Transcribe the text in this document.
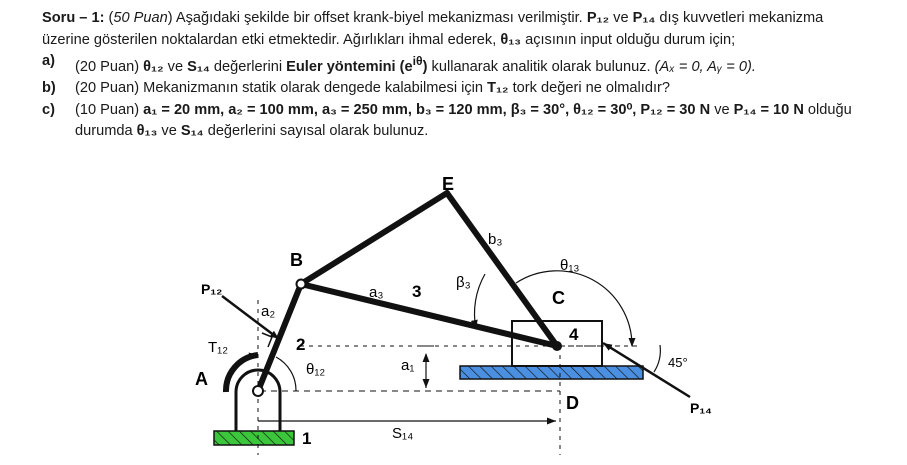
Soru – 1: (50 Puan) Aşağıdaki şekilde bir offset krank-biyel mekanizması verilmiştir. P₁₂ ve P₁₄ dış kuvvetleri mekanizma üzerine gösterilen noktalardan etki etmektedir. Ağırlıkları ihmal ederek, θ₁₃ açısının input olduğu durum için;

a) (20 Puan) θ₁₂ ve S₁₄ değerlerini Euler yöntemini $(e^{i\theta})$ kullanarak analitik olarak bulunuz. (Aₓ = 0, Aᵧ = 0).

b) (20 Puan) Mekanizmanın statik olarak dengede kalabilmesi için T₁₂ tork değeri ne olmalıdır?

c) (10 Puan) a₁ = 20 mm, a₂ = 100 mm, a₃ = 250 mm, b₃ = 120 mm, β₃ = 30°, θ₁₂ = 30⁰, P₁₂ = 30 N ve P₁₄ = 10 N olduğu durumda θ₁₃ ve S₁₄ değerlerini sayısal olarak bulunuz.

E
b₃
B	θ₁₃
β₃
a₃ 3	C
P₁₂
a₂
4
T₁₂	2
45°
a₁
θ₁₂
A
D	P₁₄
1	S₁₄
